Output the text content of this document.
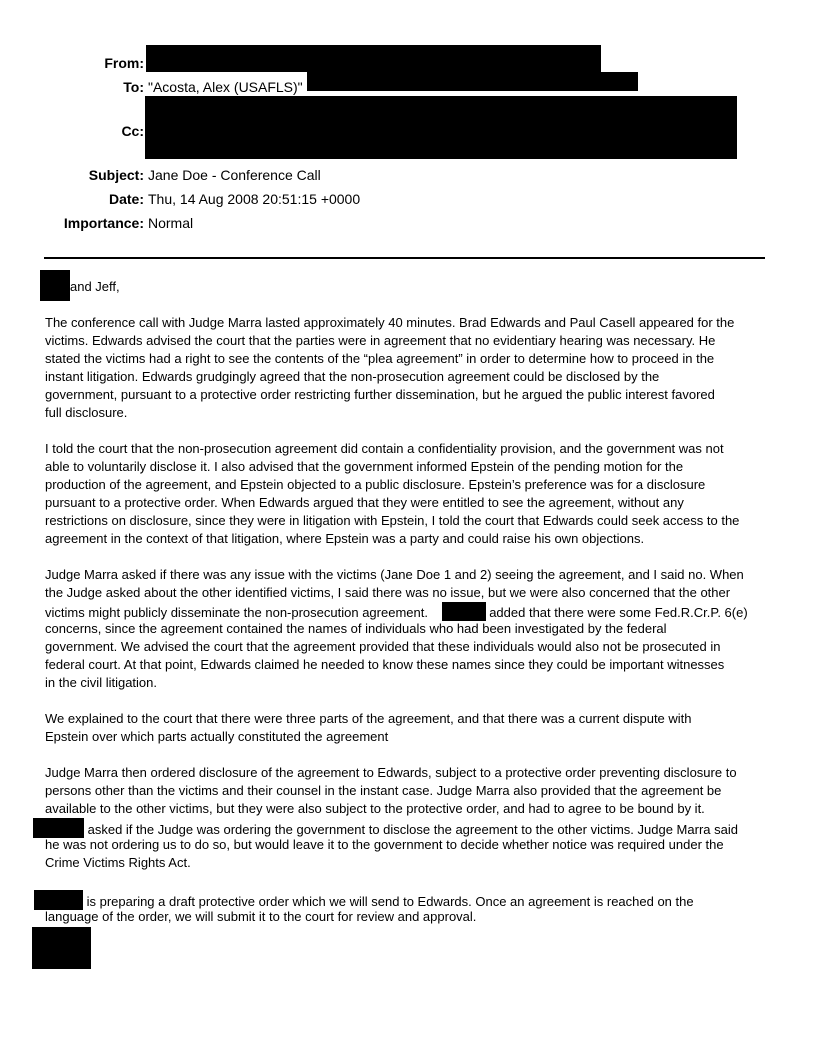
From:
To: "Acosta, Alex (USAFLS)"
Cc:
Subject: Jane Doe - Conference Call
Date: Thu, 14 Aug 2008 20:51:15 +0000
Importance: Normal
and Jeff,
The conference call with Judge Marra lasted approximately 40 minutes. Brad Edwards and Paul Casell appeared for the
victims. Edwards advised the court that the parties were in agreement that no evidentiary hearing was necessary. He
stated the victims had a right to see the contents of the “plea agreement” in order to determine how to proceed in the
instant litigation. Edwards grudgingly agreed that the non-prosecution agreement could be disclosed by the
government, pursuant to a protective order restricting further dissemination, but he argued the public interest favored
full disclosure.
I told the court that the non-prosecution agreement did contain a confidentiality provision, and the government was not
able to voluntarily disclose it. I also advised that the government informed Epstein of the pending motion for the
production of the agreement, and Epstein objected to a public disclosure. Epstein’s preference was for a disclosure
pursuant to a protective order. When Edwards argued that they were entitled to see the agreement, without any
restrictions on disclosure, since they were in litigation with Epstein, I told the court that Edwards could seek access to the
agreement in the context of that litigation, where Epstein was a party and could raise his own objections.
Judge Marra asked if there was any issue with the victims (Jane Doe 1 and 2) seeing the agreement, and I said no. When
the Judge asked about the other identified victims, I said there was no issue, but we were also concerned that the other
victims might publicly disseminate the non-prosecution agreement.	added that there were some Fed.R.Cr.P. 6(e)
concerns, since the agreement contained the names of individuals who had been investigated by the federal
government. We advised the court that the agreement provided that these individuals would also not be prosecuted in
federal court. At that point, Edwards claimed he needed to know these names since they could be important witnesses
in the civil litigation.
We explained to the court that there were three parts of the agreement, and that there was a current dispute with
Epstein over which parts actually constituted the agreement
Judge Marra then ordered disclosure of the agreement to Edwards, subject to a protective order preventing disclosure to
persons other than the victims and their counsel in the instant case. Judge Marra also provided that the agreement be
available to the other victims, but they were also subject to the protective order, and had to agree to be bound by it.
asked if the Judge was ordering the government to disclose the agreement to the other victims. Judge Marra said
he was not ordering us to do so, but would leave it to the government to decide whether notice was required under the
Crime Victims Rights Act.
is preparing a draft protective order which we will send to Edwards. Once an agreement is reached on the
language of the order, we will submit it to the court for review and approval.
